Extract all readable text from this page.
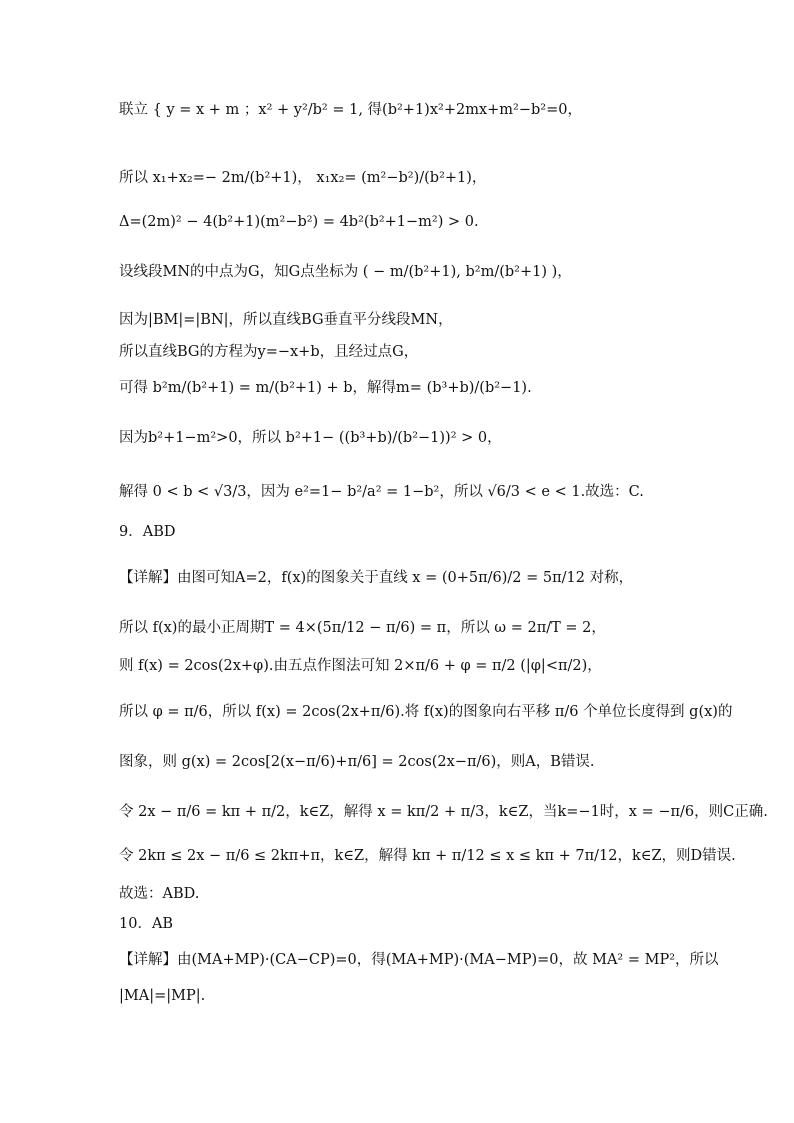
联立 { y = x + m ；x² + y²/b² = 1, 得(b²+1)x²+2mx+m²−b²=0，
所以 x₁+x₂=− 2m/(b²+1)， x₁x₂= (m²−b²)/(b²+1)，
Δ=(2m)² − 4(b²+1)(m²−b²) = 4b²(b²+1−m²) > 0.
设线段MN的中点为G，知G点坐标为 ( − m/(b²+1), b²m/(b²+1) )，
因为|BM|=|BN|，所以直线BG垂直平分线段MN，
所以直线BG的方程为y=−x+b，且经过点G，
可得 b²m/(b²+1) = m/(b²+1) + b，解得m= (b³+b)/(b²−1).
因为b²+1−m²>0，所以 b²+1− ((b³+b)/(b²−1))² > 0，
解得 0 < b < √3/3，因为 e²=1− b²/a² = 1−b²，所以 √6/3 < e < 1.故选：C.
9．ABD
【详解】由图可知A=2，f(x)的图象关于直线 x = (0+5π/6)/2 = 5π/12 对称，
所以 f(x)的最小正周期T = 4×(5π/12 − π/6) = π，所以 ω = 2π/T = 2，
则 f(x) = 2cos(2x+φ).由五点作图法可知 2×π/6 + φ = π/2 (|φ|<π/2)，
所以 φ = π/6，所以 f(x) = 2cos(2x+π/6).将 f(x)的图象向右平移 π/6 个单位长度得到 g(x)的
图象，则 g(x) = 2cos[2(x−π/6)+π/6] = 2cos(2x−π/6)，则A，B错误.
令 2x − π/6 = kπ + π/2，k∈Z，解得 x = kπ/2 + π/3，k∈Z，当k=−1时，x = −π/6，则C正确.
令 2kπ ≤ 2x − π/6 ≤ 2kπ+π，k∈Z，解得 kπ + π/12 ≤ x ≤ kπ + 7π/12，k∈Z，则D错误.
故选：ABD.
10．AB
【详解】由(MA+MP)·(CA−CP)=0，得(MA+MP)·(MA−MP)=0，故 MA² = MP²，所以
|MA|=|MP|.
